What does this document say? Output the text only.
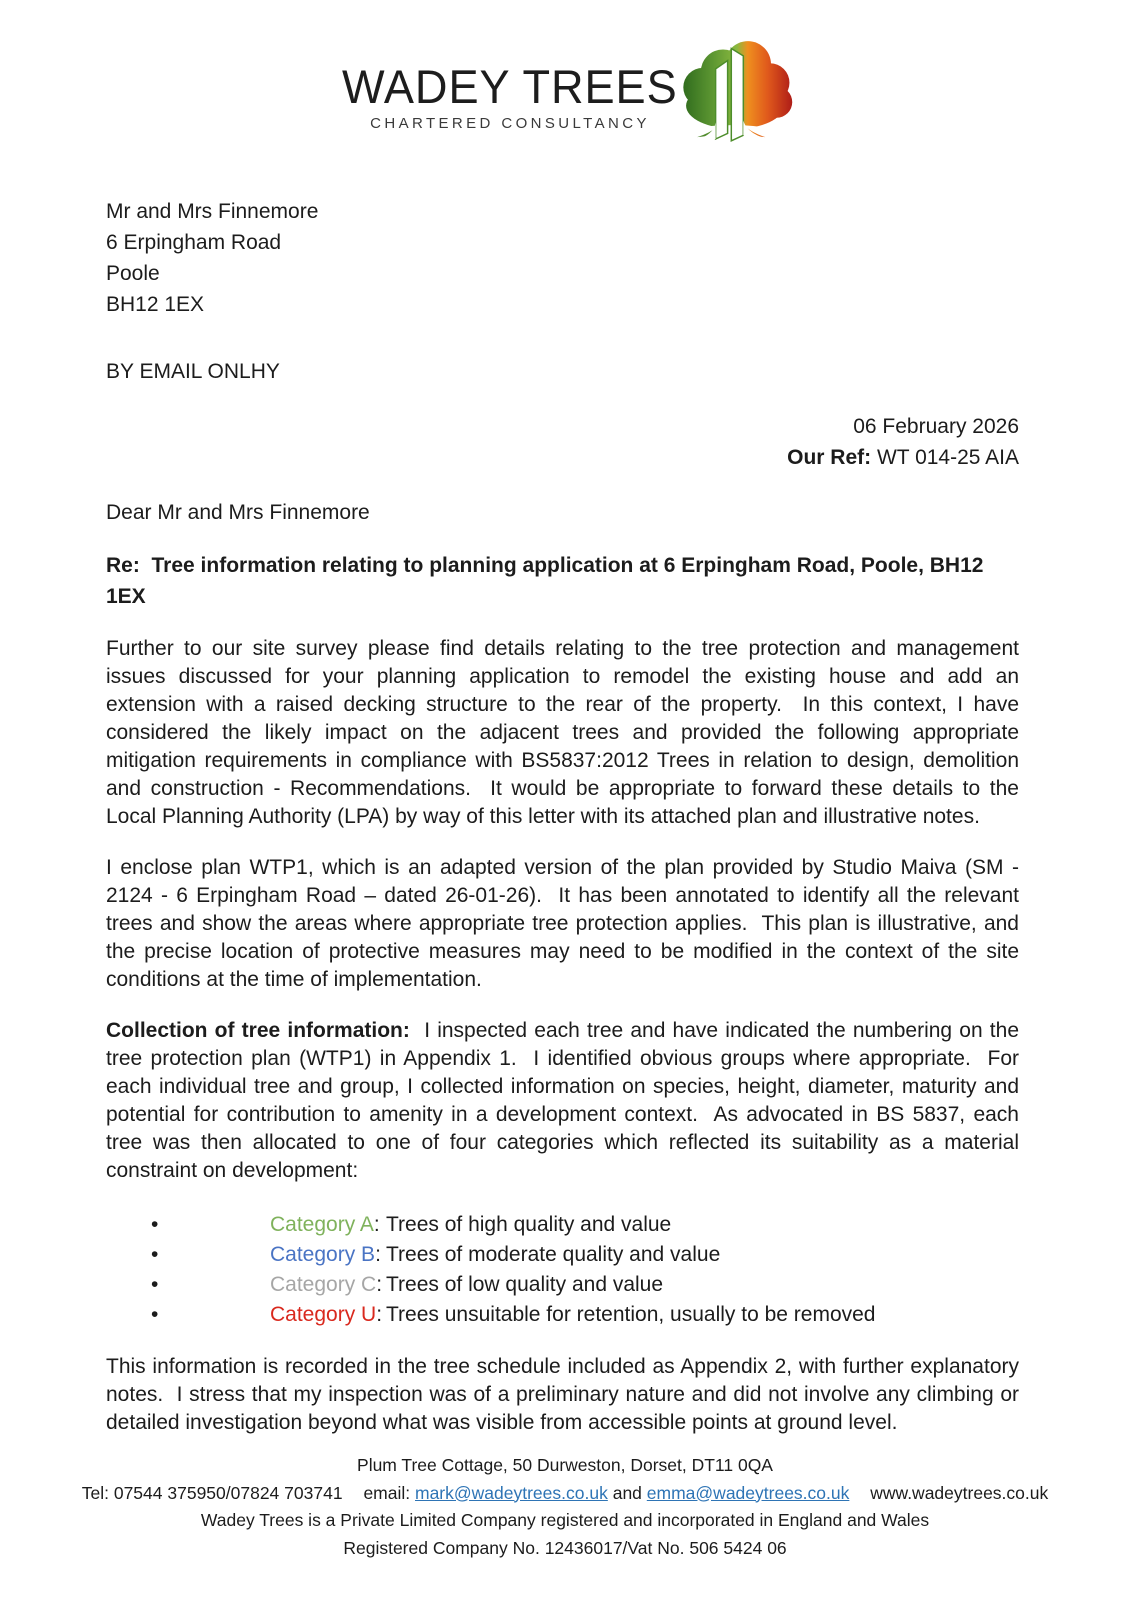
WADEY TREES
CHARTERED CONSULTANCY
Mr and Mrs Finnemore
6 Erpingham Road
Poole
BH12 1EX
BY EMAIL ONLHY
06 February 2026
Our Ref: WT 014-25 AIA

Dear Mr and Mrs Finnemore

Re:  Tree information relating to planning application at 6 Erpingham Road, Poole, BH12 1EX

Further to our site survey please find details relating to the tree protection and management issues discussed for your planning application to remodel the existing house and add an extension with a raised decking structure to the rear of the property.  In this context, I have considered the likely impact on the adjacent trees and provided the following appropriate mitigation requirements in compliance with BS5837:2012 Trees in relation to design, demolition and construction - Recommendations.  It would be appropriate to forward these details to the Local Planning Authority (LPA) by way of this letter with its attached plan and illustrative notes.

I enclose plan WTP1, which is an adapted version of the plan provided by Studio Maiva (SM - 2124 - 6 Erpingham Road – dated 26-01-26).  It has been annotated to identify all the relevant trees and show the areas where appropriate tree protection applies.  This plan is illustrative, and the precise location of protective measures may need to be modified in the context of the site conditions at the time of implementation.

Collection of tree information:  I inspected each tree and have indicated the numbering on the tree protection plan (WTP1) in Appendix 1.  I identified obvious groups where appropriate.  For each individual tree and group, I collected information on species, height, diameter, maturity and potential for contribution to amenity in a development context.  As advocated in BS 5837, each tree was then allocated to one of four categories which reflected its suitability as a material constraint on development:

•	Category A: Trees of high quality and value
•	Category B: Trees of moderate quality and value
•	Category C: Trees of low quality and value
•	Category U: Trees unsuitable for retention, usually to be removed

This information is recorded in the tree schedule included as Appendix 2, with further explanatory notes.  I stress that my inspection was of a preliminary nature and did not involve any climbing or detailed investigation beyond what was visible from accessible points at ground level.

Plum Tree Cottage, 50 Durweston, Dorset, DT11 0QA
Tel: 07544 375950/07824 703741 email: mark@wadeytrees.co.uk and emma@wadeytrees.co.uk www.wadeytrees.co.uk
Wadey Trees is a Private Limited Company registered and incorporated in England and Wales
Registered Company No. 12436017/Vat No. 506 5424 06
